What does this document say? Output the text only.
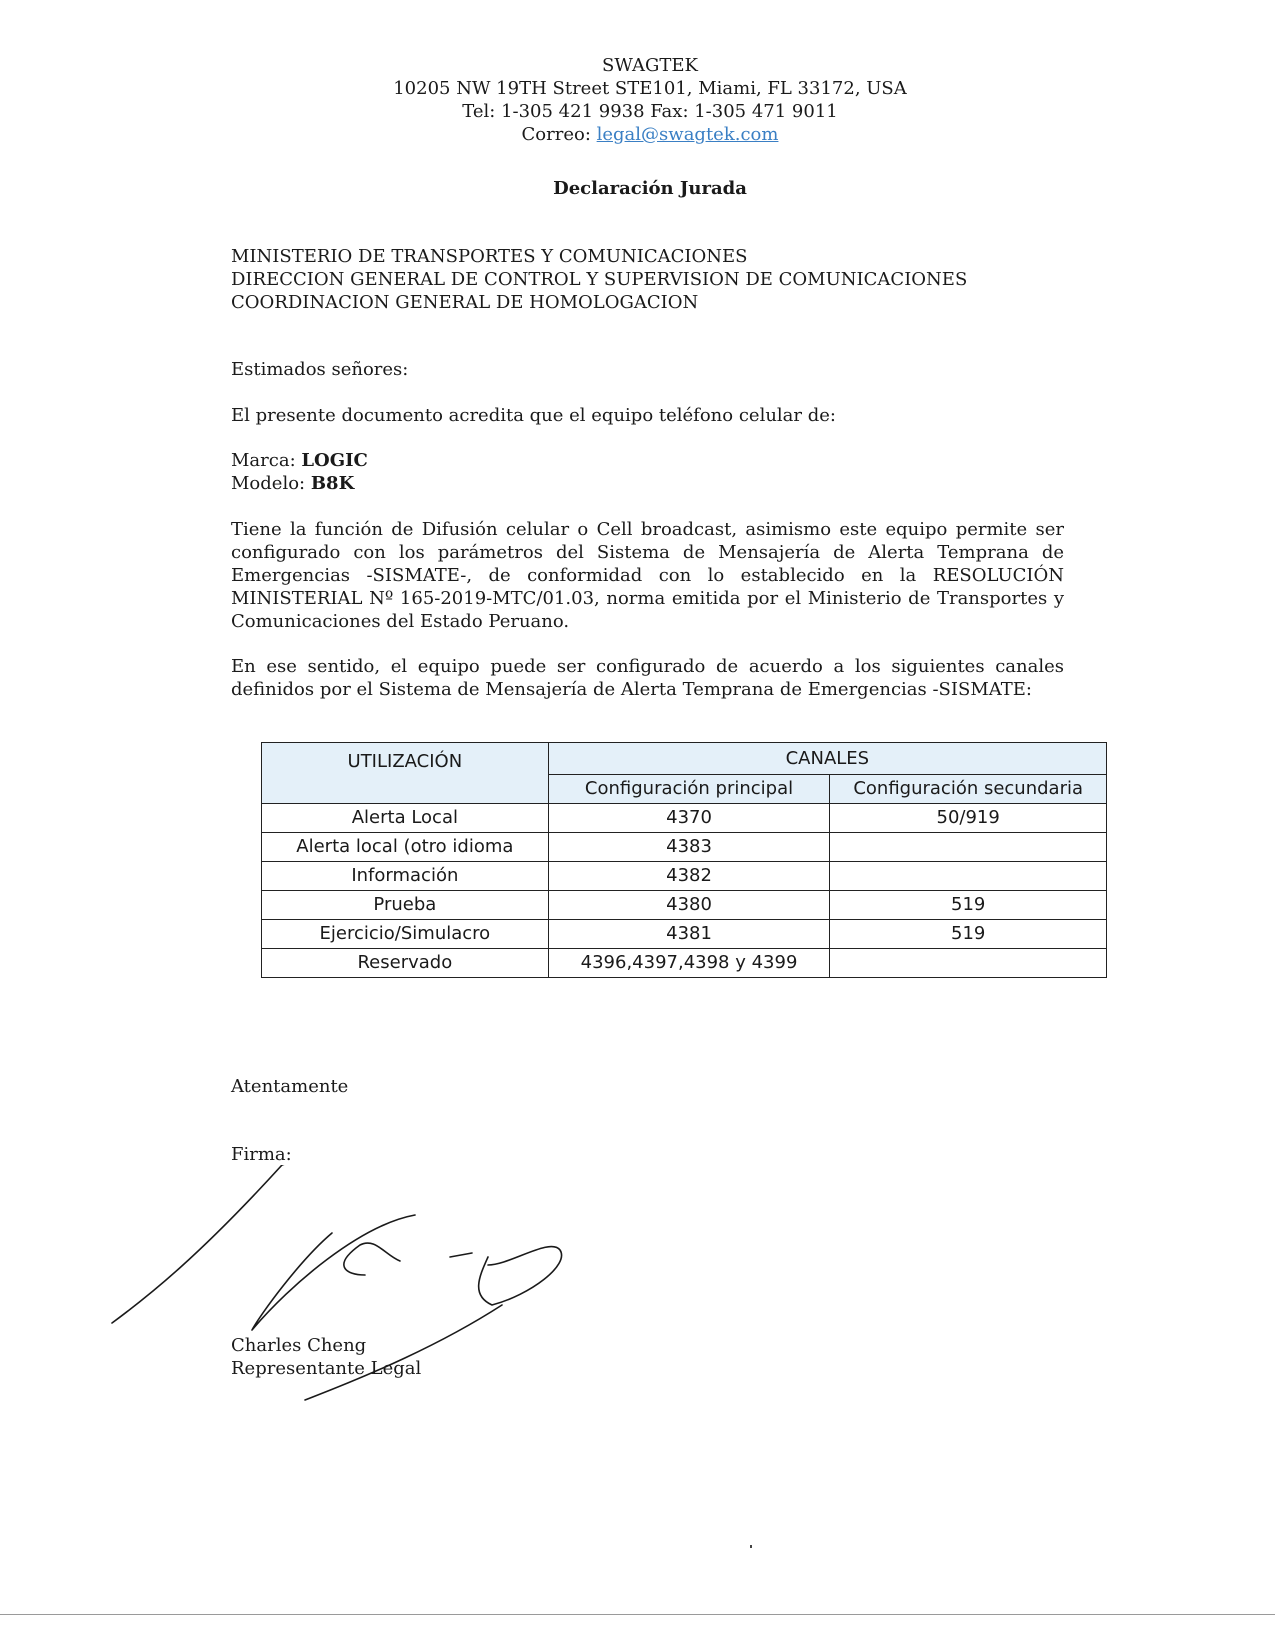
SWAGTEK
10205 NW 19TH Street STE101, Miami, FL 33172, USA
Tel: 1-305 421 9938 Fax: 1-305 471 9011
Correo: legal@swagtek.com
Declaración Jurada
MINISTERIO DE TRANSPORTES Y COMUNICACIONES
DIRECCION GENERAL DE CONTROL Y SUPERVISION DE COMUNICACIONES
COORDINACION GENERAL DE HOMOLOGACION
Estimados señores:
El presente documento acredita que el equipo teléfono celular de:
Marca: LOGIC
Modelo: B8K
Tiene la función de Difusión celular o Cell broadcast, asimismo este equipo permite ser configurado con los parámetros del Sistema de Mensajería de Alerta Temprana de Emergencias -SISMATE-, de conformidad con lo establecido en la RESOLUCIÓN MINISTERIAL Nº 165-2019-MTC/01.03, norma emitida por el Ministerio de Transportes y Comunicaciones del Estado Peruano.
En ese sentido, el equipo puede ser configurado de acuerdo a los siguientes canales definidos por el Sistema de Mensajería de Alerta Temprana de Emergencias -SISMATE:
UTILIZACIÓN	CANALES	
	Configuración principal	Configuración secundaria
Alerta Local	4370	50/919
Alerta local (otro idioma	4383	
Información	4382	
Prueba	4380	519
Ejercicio/Simulacro	4381	519
Reservado	4396,4397,4398 y 4399	
Atentamente
Firma:
Charles Cheng
Representante Legal
